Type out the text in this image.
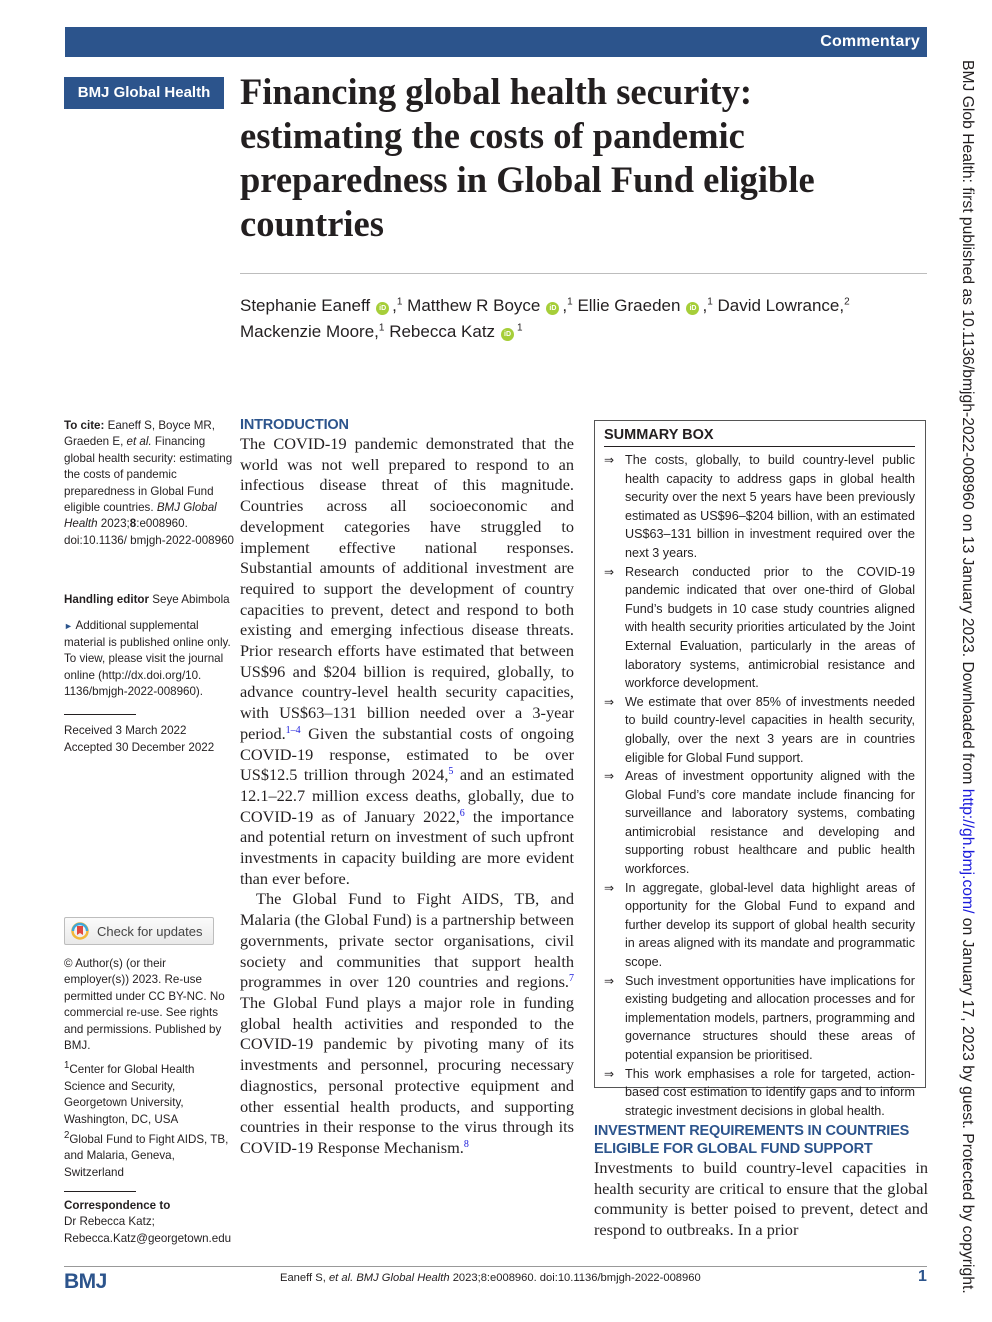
Commentary
BMJ Global Health Financing global health security: estimating the costs of pandemic preparedness in Global Fund eligible countries
Stephanie Eaneff iD ,$^1$ Matthew R Boyce iD ,$^1$ Ellie Graeden iD ,$^1$ David Lowrance,$^2$
Mackenzie Moore,$^1$ Rebecca Katz $iD^1$
To cite: Eaneff S, Boyce MR, Graeden E, et al. Financing global health security: estimating the costs of pandemic preparedness in Global Fund eligible countries. BMJ Global Health 2023;8:e008960. doi:10.1136/ bmjgh-2022-008960
Handling editor Seye Abimbola
► Additional supplemental material is published online only. To view, please visit the journal online (http://dx.doi.org/10. 1136/bmjgh-2022-008960).
Received 3 March 2022
Accepted 30 December 2022
Check for updates
© Author(s) (or their employer(s)) 2023. Re-use permitted under CC BY-NC. No commercial re-use. See rights and permissions. Published by BMJ.
$^1$Center for Global Health Science and Security, Georgetown University, Washington, DC, USA
$^2$Global Fund to Fight AIDS, TB, and Malaria, Geneva, Switzerland
Correspondence to
Dr Rebecca Katz;
Rebecca.Katz@georgetown.edu
INTRODUCTION

The COVID-19 pandemic demonstrated that the world was not well prepared to respond to an infectious disease threat of this magnitude. Countries across all socioeconomic and development categories have struggled to implement effective national responses. Substantial amounts of additional investment are required to support the development of country capacities to prevent, detect and respond to both existing and emerging infectious disease threats. Prior research efforts have estimated that between US$96 and $204 billion is required, globally, to advance country-level health security capacities, with US$63–131 billion needed over a 3-year period.$^{1-4}$ Given the substantial costs of ongoing COVID-19 response, estimated to be over US$12.5 trillion through 2024,$^5$ and an estimated 12.1–22.7 million excess deaths, globally, due to COVID-19 as of January 2022,$^6$ the importance and potential return on investment of such upfront investments in capacity building are more evident than ever before.

The Global Fund to Fight AIDS, TB, and Malaria (the Global Fund) is a partnership between governments, private sector organisations, civil society and communities that support health programmes in over 120 countries and regions.$^7$ The Global Fund plays a major role in funding global health activities and responded to the COVID-19 pandemic by pivoting many of its investments and personnel, procuring necessary diagnostics, personal protective equipment and other essential health products, and supporting countries in their response to the virus through its COVID-19 Response Mechanism.$^8$

SUMMARY BOX
⇒ The costs, globally, to build country-level public health capacity to address gaps in global health security over the next 5 years have been previously estimated as US$96–$204 billion, with an estimated US$63–131 billion in investment required over the next 3 years.
⇒ Research conducted prior to the COVID-19 pandemic indicated that over one-third of Global Fund’s budgets in 10 case study countries aligned with health security priorities articulated by the Joint External Evaluation, particularly in the areas of laboratory systems, antimicrobial resistance and workforce development.
⇒ We estimate that over 85% of investments needed to build country-level capacities in health security, globally, over the next 3 years are in countries eligible for Global Fund support.
⇒ Areas of investment opportunity aligned with the Global Fund’s core mandate include financing for surveillance and laboratory systems, combating antimicrobial resistance and developing and supporting robust healthcare and public health workforces.
⇒ In aggregate, global-level data highlight areas of opportunity for the Global Fund to expand and further develop its support of global health security in areas aligned with its mandate and programmatic scope.
⇒ Such investment opportunities have implications for existing budgeting and allocation processes and for implementation models, partners, programming and governance structures should these areas of potential expansion be prioritised.
⇒ This work emphasises a role for targeted, action-based cost estimation to identify gaps and to inform strategic investment decisions in global health.
INVESTMENT REQUIREMENTS IN COUNTRIES ELIGIBLE FOR GLOBAL FUND SUPPORT

Investments to build country-level capacities in health security are critical to ensure that the global community is better poised to prevent, detect and respond to outbreaks. In a prior

BMJ	Eaneff S, et al. BMJ Global Health 2023;8:e008960. doi:10.1136/bmjgh-2022-008960	1
BMJ Glob Health: first published as 10.1136/bmjgh-2022-008960 on 13 January 2023. Downloaded from http://gh.bmj.com/ on January 17, 2023 by guest. Protected by copyright.
